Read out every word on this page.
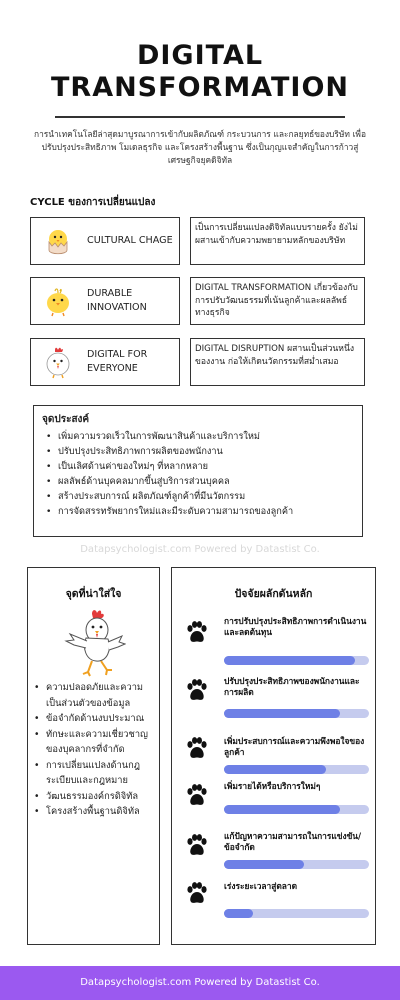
DIGITAL
TRANSFORMATION

การนำเทคโนโลยีล่าสุดมาบูรณาการเข้ากับผลิตภัณฑ์ กระบวนการ และกลยุทธ์ของบริษัท เพื่อปรับปรุงประสิทธิภาพ โมเดลธุรกิจ และโครงสร้างพื้นฐาน ซึ่งเป็นกุญแจสำคัญในการก้าวสู่เศรษฐกิจยุคดิจิทัล

CYCLE ของการเปลี่ยนแปลง
CULTURAL CHAGE
เป็นการเปลี่ยนแปลงดิจิทัลแบบรายครั้ง ยังไม่ผสานเข้ากับความพยายามหลักของบริษัท
DURABLE INNOVATION
DIGITAL TRANSFORMATION เกี่ยวข้องกับการปรับวัฒนธรรมที่เน้นลูกค้าและผลลัพธ์ทางธุรกิจ
DIGITAL FOR EVERYONE
DIGITAL DISRUPTION ผสานเป็นส่วนหนึ่งของงาน ก่อให้เกิดนวัตกรรมที่สม่ำเสมอ
จุดประสงค์
• เพิ่มความรวดเร็วในการพัฒนาสินค้าและบริการใหม่
• ปรับปรุงประสิทธิภาพการผลิตของพนักงาน
• เป็นเลิศด้านค่าของใหม่ๆ ที่หลากหลาย
• ผลลัพธ์ด้านบุคคลมากขึ้นสู่บริการส่วนบุคคล
• สร้างประสบการณ์ ผลิตภัณฑ์ลูกค้าที่มีนวัตกรรม
• การจัดสรรทรัพยากรใหม่และมีระดับความสามารถของลูกค้า
Datapsychologist.com Powered by Datastist Co.
จุดที่น่าใส่ใจ
• ความปลอดภัยและความเป็นส่วนตัวของข้อมูล
• ข้อจำกัดด้านงบประมาณ
• ทักษะและความเชี่ยวชาญของบุคลากรที่จำกัด
• การเปลี่ยนแปลงด้านกฎระเบียบและกฎหมาย
• วัฒนธรรมองค์กรดิจิทัล
• โครงสร้างพื้นฐานดิจิทัล
ปัจจัยผลักดันหลัก
การปรับปรุงประสิทธิภาพการดำเนินงานและลดต้นทุน
ปรับปรุงประสิทธิภาพของพนักงานและการผลิต
เพิ่มประสบการณ์และความพึงพอใจของลูกค้า
เพิ่มรายได้หรือบริการใหม่ๆ
แก้ปัญหาความสามารถในการแข่งขัน/ข้อจำกัด
เร่งระยะเวลาสู่ตลาด
Datapsychologist.com Powered by Datastist Co.
